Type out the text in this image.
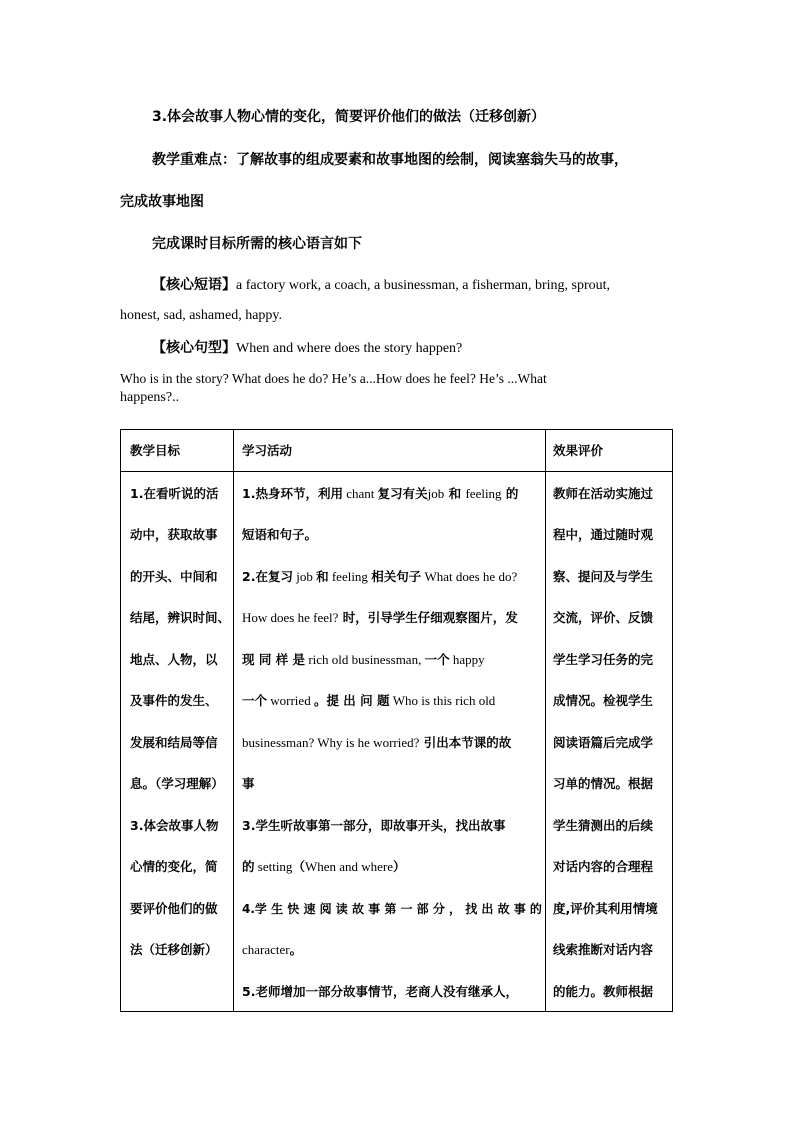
3.体会故事人物心情的变化，简要评价他们的做法（迁移创新）
教学重难点：了解故事的组成要素和故事地图的绘制，阅读塞翁失马的故事，
完成故事地图
完成课时目标所需的核心语言如下
【核心短语】a factory work, a coach, a businessman, a fisherman, bring, sprout,
honest, sad, ashamed, happy.
【核心句型】When and where does the story happen?
Who is in the story? What does he do? He’s a...How does he feel? He’s ...What
happens?..
教学目标	学习活动	效果评价
1.在看听说的活
动中，获取故事
的开头、中间和
结尾，辨识时间、
地点、人物，以
及事件的发生、
发展和结局等信
息。（学习理解）
3.体会故事人物
心情的变化，简
要评价他们的做
法（迁移创新）
1.热身环节，利用 chant 复习有关job 和 feeling 的
短语和句子。
2.在复习 job 和 feeling 相关句子 What does he do?
How does he feel? 时，引导学生仔细观察图片，发
现 同 样 是 rich old businessman, 一个 happy
一个 worried 。提 出 问 题 Who is this rich old
businessman? Why is he worried? 引出本节课的故
事
3.学生听故事第一部分，即故事开头，找出故事
的 setting（When and where）
4.学 生 快 速 阅 读 故 事 第 一 部 分 ， 找 出 故 事 的
character。
5.老师增加一部分故事情节，老商人没有继承人，
教师在活动实施过
程中，通过随时观
察、提问及与学生
交流，评价、反馈
学生学习任务的完
成情况。检视学生
阅读语篇后完成学
习单的情况。根据
学生猜测出的后续
对话内容的合理程
度,评价其利用情境
线索推断对话内容
的能力。教师根据
